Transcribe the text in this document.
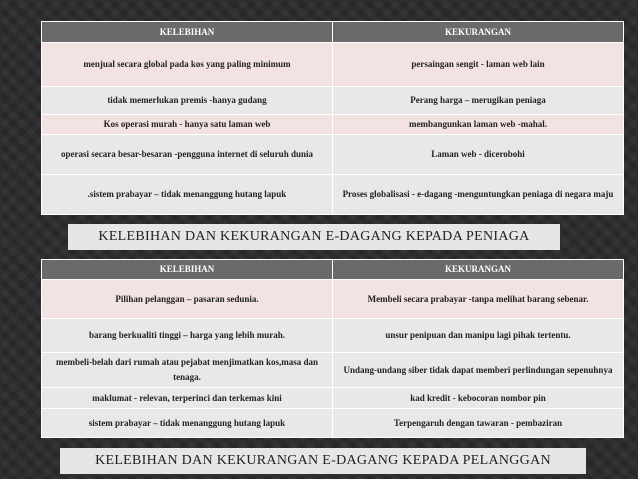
KELEBIHAN	KEKURANGAN
menjual secara global pada kos yang paling minimum	persaingan sengit - laman web lain
tidak memerlukan premis -hanya gudang	Perang harga – merugikan peniaga
Kos operasi murah - hanya satu laman web	membangunkan laman web -mahal.
operasi secara besar-besaran -pengguna internet di seluruh dunia	Laman web - dicerobohi
.sistem prabayar – tidak menanggung hutang lapuk	Proses globalisasi - e-dagang -menguntungkan peniaga di negara maju
KELEBIHAN DAN KEKURANGAN E-DAGANG KEPADA PENIAGA
KELEBIHAN	KEKURANGAN
Pilihan pelanggan – pasaran sedunia.	Membeli secara prabayar -tanpa melihat barang sebenar.
barang berkualiti tinggi – harga yang lebih murah.	unsur penipuan dan manipu lagi pihak tertentu.
membeli-belah dari rumah atau pejabat menjimatkan kos,masa dan tenaga.	Undang-undang siber tidak dapat memberi perlindungan sepenuhnya
maklumat - relevan, terperinci dan terkemas kini	kad kredit - kebocoran nombor pin
sistem prabayar – tidak menanggung hutang lapuk	Terpengaruh dengan tawaran - pembaziran
KELEBIHAN DAN KEKURANGAN E-DAGANG KEPADA PELANGGAN
